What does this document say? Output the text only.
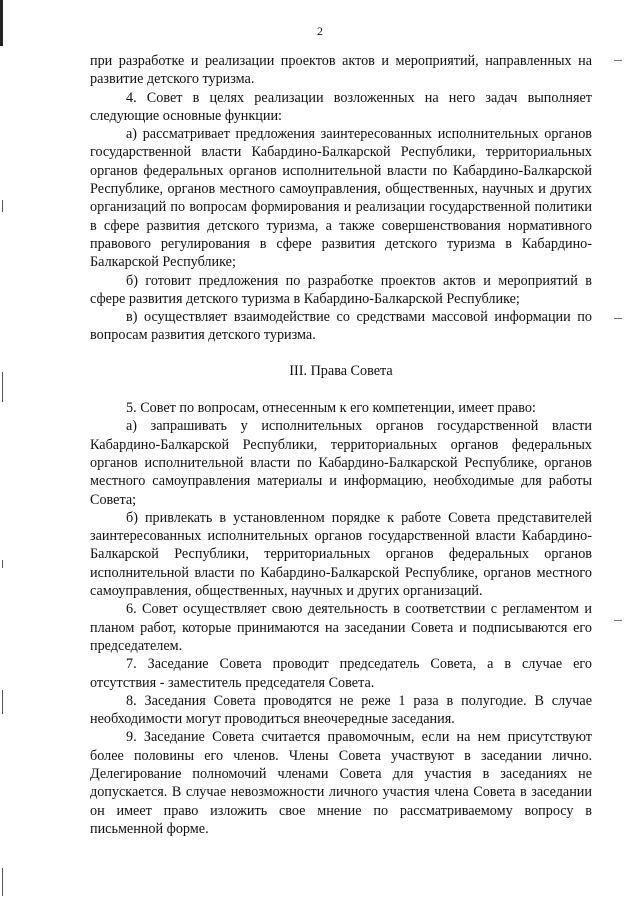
2

при разработке и реализации проектов актов и мероприятий, направленных на развитие детского туризма.

4. Совет в целях реализации возложенных на него задач выполняет следующие основные функции:

а) рассматривает предложения заинтересованных исполнительных органов государственной власти Кабардино-Балкарской Республики, территориальных органов федеральных органов исполнительной власти по Кабардино-Балкарской Республике, органов местного самоуправления, общественных, научных и других организаций по вопросам формирования и реализации государственной политики в сфере развития детского туризма, а также совершенствования нормативного правового регулирования в сфере развития детского туризма в Кабардино-Балкарской Республике;

б) готовит предложения по разработке проектов актов и мероприятий в сфере развития детского туризма в Кабардино-Балкарской Республике;

в) осуществляет взаимодействие со средствами массовой информации по вопросам развития детского туризма.

III. Права Совета

5. Совет по вопросам, отнесенным к его компетенции, имеет право:

а) запрашивать у исполнительных органов государственной власти Кабардино-Балкарской Республики, территориальных органов федеральных органов исполнительной власти по Кабардино-Балкарской Республике, органов местного самоуправления материалы и информацию, необходимые для работы Совета;

б) привлекать в установленном порядке к работе Совета представителей заинтересованных исполнительных органов государственной власти Кабардино-Балкарской Республики, территориальных органов федеральных органов исполнительной власти по Кабардино-Балкарской Республике, органов местного самоуправления, общественных, научных и других организаций.

6. Совет осуществляет свою деятельность в соответствии с регламентом и планом работ, которые принимаются на заседании Совета и подписываются его председателем.

7. Заседание Совета проводит председатель Совета, а в случае его отсутствия - заместитель председателя Совета.

8. Заседания Совета проводятся не реже 1 раза в полугодие. В случае необходимости могут проводиться внеочередные заседания.

9. Заседание Совета считается правомочным, если на нем присутствуют более половины его членов. Члены Совета участвуют в заседании лично. Делегирование полномочий членами Совета для участия в заседаниях не допускается. В случае невозможности личного участия члена Совета в заседании он имеет право изложить свое мнение по рассматриваемому вопросу в письменной форме.
